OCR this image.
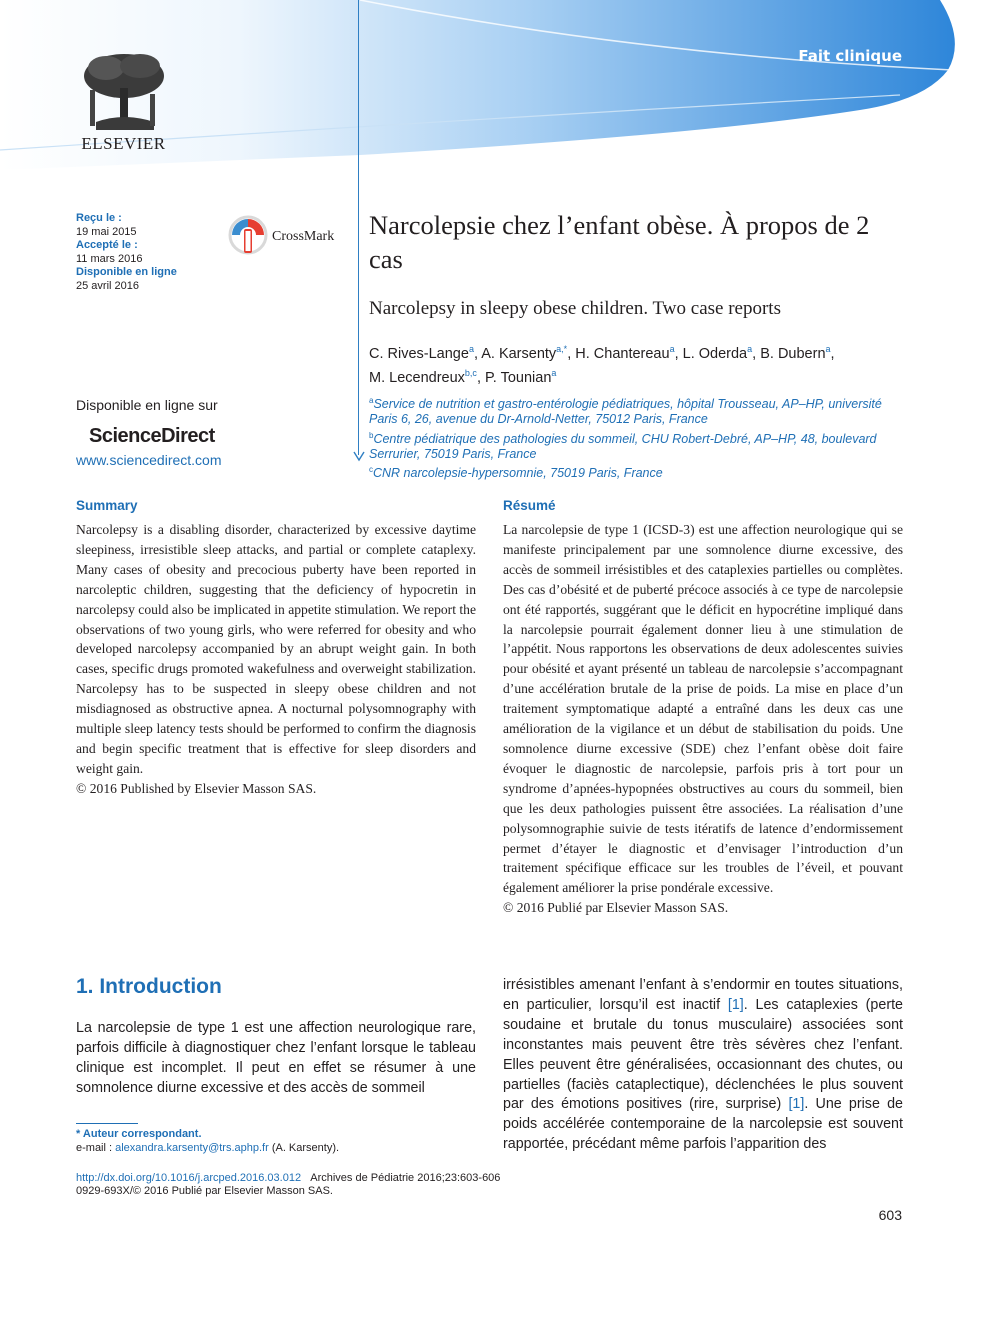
Fait clinique
ELSEVIER
Reçu le :
19 mai 2015
Accepté le :
11 mars 2016
Disponible en ligne
25 avril 2016
CrossMark
Disponible en ligne sur
ScienceDirect
www.sciencedirect.com
Narcolepsie chez l’enfant obèse. À propos de 2 cas
Narcolepsy in sleepy obese children. Two case reports
C. Rives-Lange$^a$, A. Karsenty$^{a,*}$, H. Chantereau$^a$, L. Oderda$^a$, B. Dubern$^a$,
M. Lecendreux$^{b,c}$, P. Tounian$^a$
$^a$Service de nutrition et gastro-entérologie pédiatriques, hôpital Trousseau, AP–HP, université Paris 6, 26, avenue du Dr-Arnold-Netter, 75012 Paris, France
$^b$Centre pédiatrique des pathologies du sommeil, CHU Robert-Debré, AP–HP, 48, boulevard Serrurier, 75019 Paris, France
$^c$CNR narcolepsie-hypersomnie, 75019 Paris, France
Summary

Narcolepsy is a disabling disorder, characterized by excessive daytime sleepiness, irresistible sleep attacks, and partial or complete cataplexy. Many cases of obesity and precocious puberty have been reported in narcoleptic children, suggesting that the deficiency of hypocretin in narcolepsy could also be implicated in appetite stimulation. We report the observations of two young girls, who were referred for obesity and who developed narcolepsy accompanied by an abrupt weight gain. In both cases, specific drugs promoted wakefulness and overweight stabilization. Narcolepsy has to be suspected in sleepy obese children and not misdiagnosed as obstructive apnea. A nocturnal polysomnography with multiple sleep latency tests should be performed to confirm the diagnosis and begin specific treatment that is effective for sleep disorders and weight gain.

© 2016 Published by Elsevier Masson SAS.

Résumé

La narcolepsie de type 1 (ICSD-3) est une affection neurologique qui se manifeste principalement par une somnolence diurne excessive, des accès de sommeil irrésistibles et des cataplexies partielles ou complètes. Des cas d’obésité et de puberté précoce associés à ce type de narcolepsie ont été rapportés, suggérant que le déficit en hypocrétine impliqué dans la narcolepsie pourrait également donner lieu à une stimulation de l’appétit. Nous rapportons les observations de deux adolescentes suivies pour obésité et ayant présenté un tableau de narcolepsie s’accompagnant d’une accélération brutale de la prise de poids. La mise en place d’un traitement symptomatique adapté a entraîné dans les deux cas une amélioration de la vigilance et un début de stabilisation du poids. Une somnolence diurne excessive (SDE) chez l’enfant obèse doit faire évoquer le diagnostic de narcolepsie, parfois pris à tort pour un syndrome d’apnées-hypopnées obstructives au cours du sommeil, bien que les deux pathologies puissent être associées. La réalisation d’une polysomnographie suivie de tests itératifs de latence d’endormissement permet d’étayer le diagnostic et d’envisager l’introduction d’un traitement spécifique efficace sur les troubles de l’éveil, et pouvant également améliorer la prise pondérale excessive.

© 2016 Publié par Elsevier Masson SAS.

1. Introduction

La narcolepsie de type 1 est une affection neurologique rare, parfois difficile à diagnostiquer chez l’enfant lorsque le tableau clinique est incomplet. Il peut en effet se résumer à une somnolence diurne excessive et des accès de sommeil

irrésistibles amenant l’enfant à s’endormir en toutes situations, en particulier, lorsqu’il est inactif [1]. Les cataplexies (perte soudaine et brutale du tonus musculaire) associées sont inconstantes mais peuvent être très sévères chez l’enfant. Elles peuvent être généralisées, occasionnant des chutes, ou partielles (faciès cataplectique), déclenchées le plus souvent par des émotions positives (rire, surprise) [1]. Une prise de poids accélérée contemporaine de la narcolepsie est souvent rapportée, précédant même parfois l’apparition des

* Auteur correspondant.
e-mail : alexandra.karsenty@trs.aphp.fr (A. Karsenty).
http://dx.doi.org/10.1016/j.arcped.2016.03.012 Archives de Pédiatrie 2016;23:603-606
0929-693X/© 2016 Publié par Elsevier Masson SAS.
603
